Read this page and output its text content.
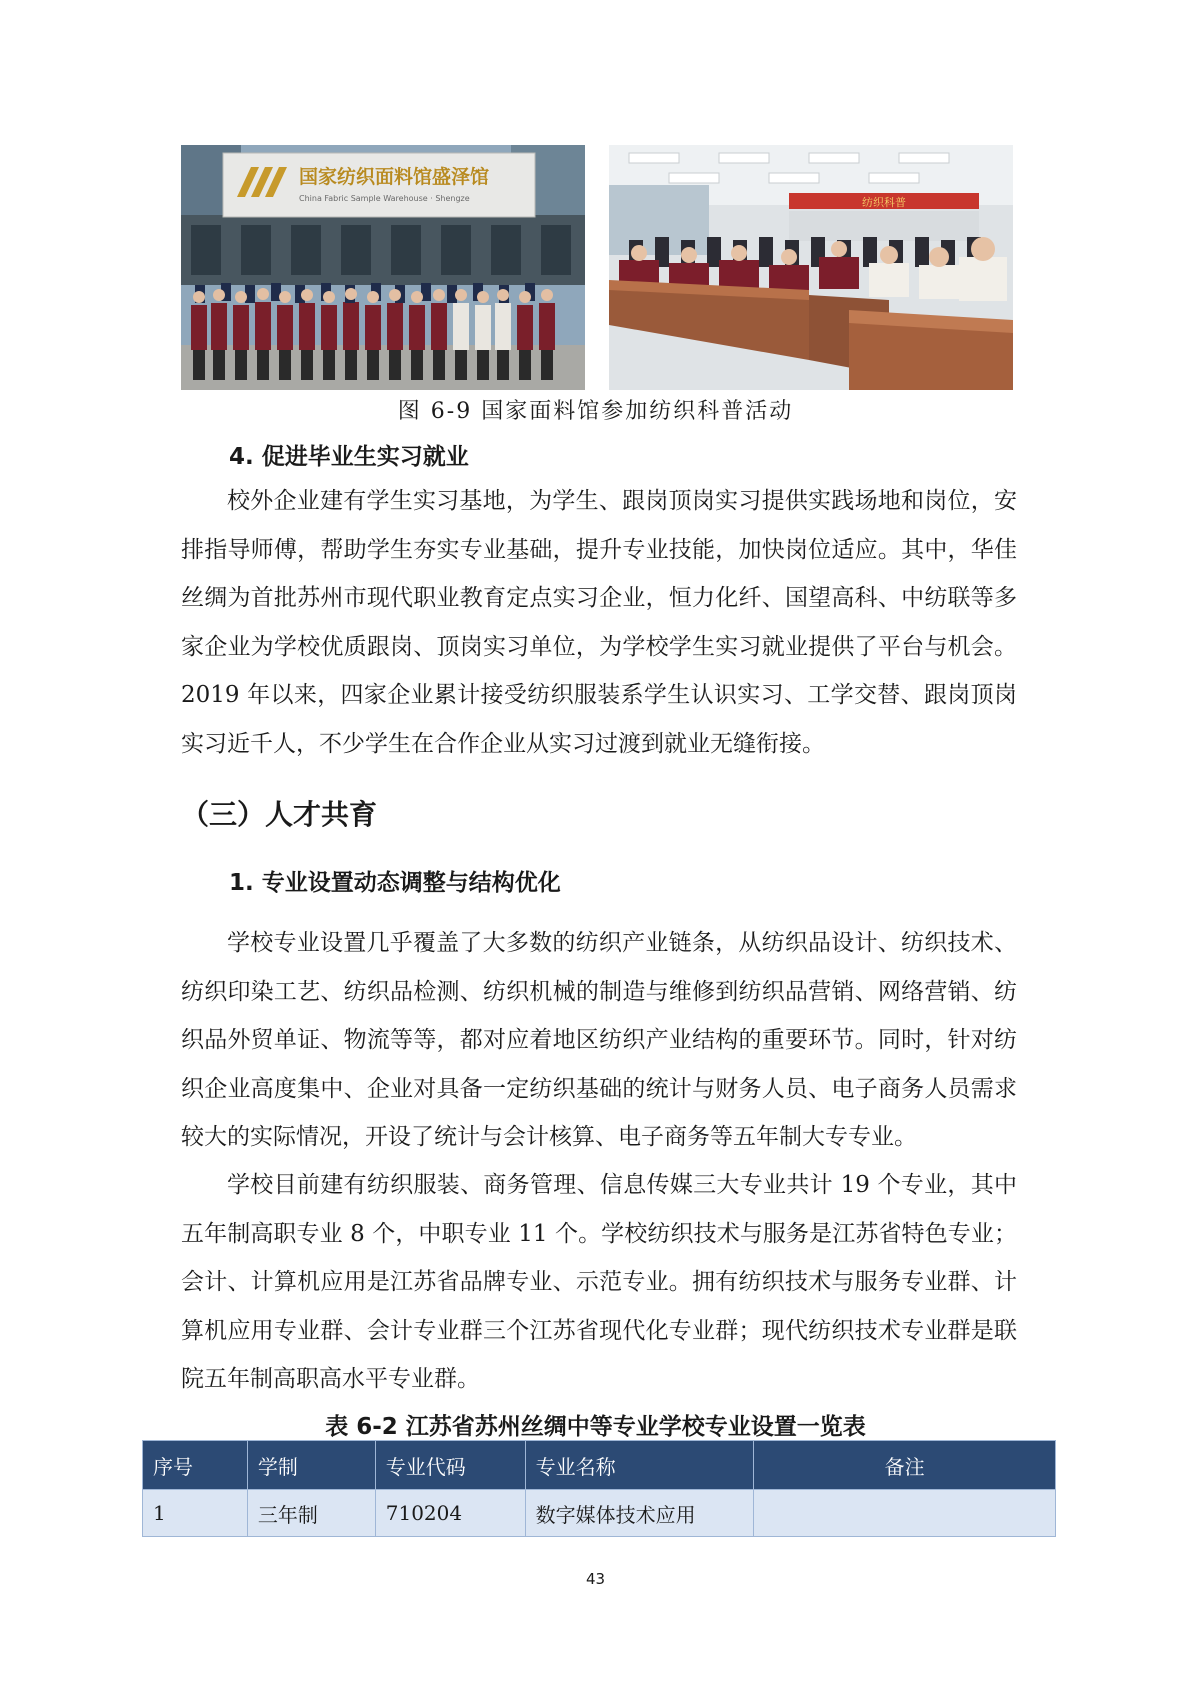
国家纺织面料馆盛泽馆
China Fabric Sample Warehouse · Shengze	纺织科普
图 6-9 国家面料馆参加纺织科普活动
4. 促进毕业生实习就业

校外企业建有学生实习基地，为学生、跟岗顶岗实习提供实践场地和岗位，安排指导师傅，帮助学生夯实专业基础，提升专业技能，加快岗位适应。其中，华佳丝绸为首批苏州市现代职业教育定点实习企业，恒力化纤、国望高科、中纺联等多家企业为学校优质跟岗、顶岗实习单位，为学校学生实习就业提供了平台与机会。2019 年以来，四家企业累计接受纺织服装系学生认识实习、工学交替、跟岗顶岗实习近千人，不少学生在合作企业从实习过渡到就业无缝衔接。

（三）人才共育
1. 专业设置动态调整与结构优化

学校专业设置几乎覆盖了大多数的纺织产业链条，从纺织品设计、纺织技术、纺织印染工艺、纺织品检测、纺织机械的制造与维修到纺织品营销、网络营销、纺织品外贸单证、物流等等，都对应着地区纺织产业结构的重要环节。同时，针对纺织企业高度集中、企业对具备一定纺织基础的统计与财务人员、电子商务人员需求较大的实际情况，开设了统计与会计核算、电子商务等五年制大专专业。

学校目前建有纺织服装、商务管理、信息传媒三大专业共计 19 个专业，其中五年制高职专业 8 个，中职专业 11 个。学校纺织技术与服务是江苏省特色专业；会计、计算机应用是江苏省品牌专业、示范专业。拥有纺织技术与服务专业群、计算机应用专业群、会计专业群三个江苏省现代化专业群；现代纺织技术专业群是联院五年制高职高水平专业群。

表 6-2 江苏省苏州丝绸中等专业学校专业设置一览表
序号	学制	专业代码	专业名称	备注
1	三年制	710204	数字媒体技术应用	
43
